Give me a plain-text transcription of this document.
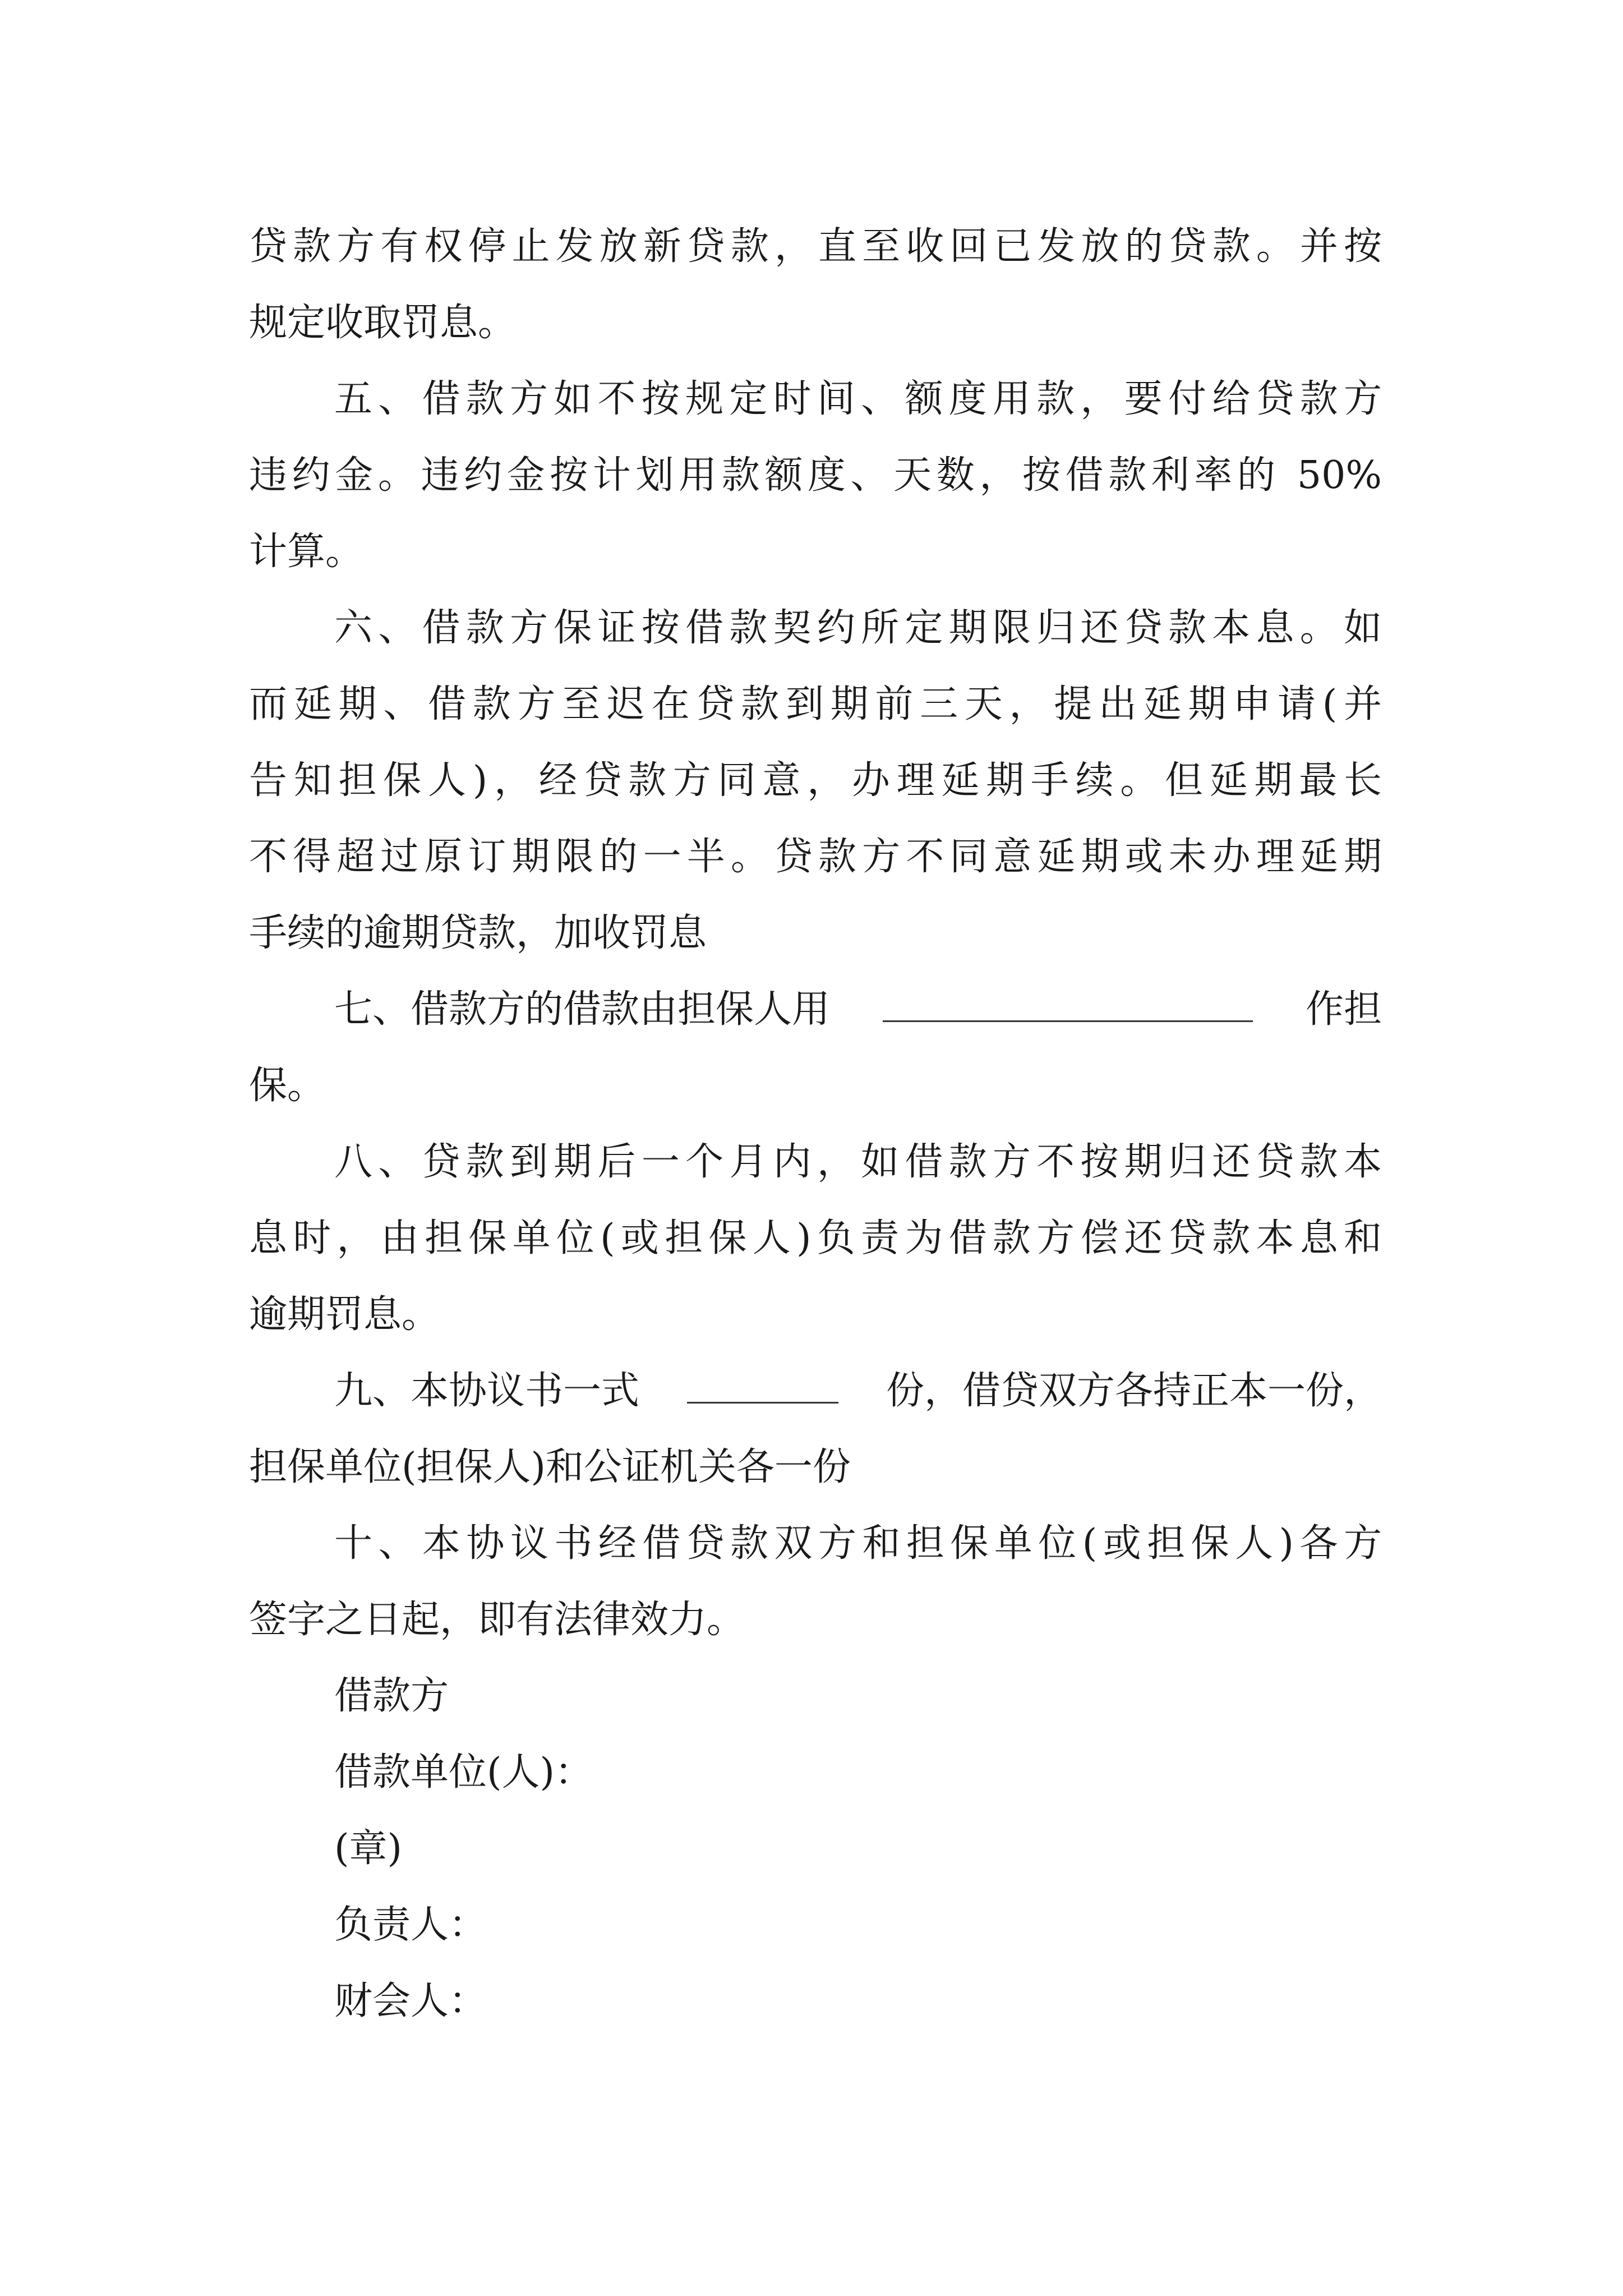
贷款方有权停止发放新贷款，直至收回已发放的贷款。并按
规定收取罚息。
五、借款方如不按规定时间、额度用款，要付给贷款方
违约金。违约金按计划用款额度、天数，按借款利率的 50%
计算。
六、借款方保证按借款契约所定期限归还贷款本息。如
而延期、借款方至迟在贷款到期前三天，提出延期申请(并
告知担保人)，经贷款方同意，办理延期手续。但延期最长
不得超过原订期限的一半。贷款方不同意延期或未办理延期
手续的逾期贷款，加收罚息
七、借款方的借款由担保人用	作担
保。
八、贷款到期后一个月内，如借款方不按期归还贷款本
息时，由担保单位(或担保人)负责为借款方偿还贷款本息和
逾期罚息。
九、本协议书一式	份，借贷双方各持正本一份，
担保单位(担保人)和公证机关各一份
十、本协议书经借贷款双方和担保单位(或担保人)各方
签字之日起，即有法律效力。
借款方
借款单位(人)：
(章)
负责人：
财会人：
